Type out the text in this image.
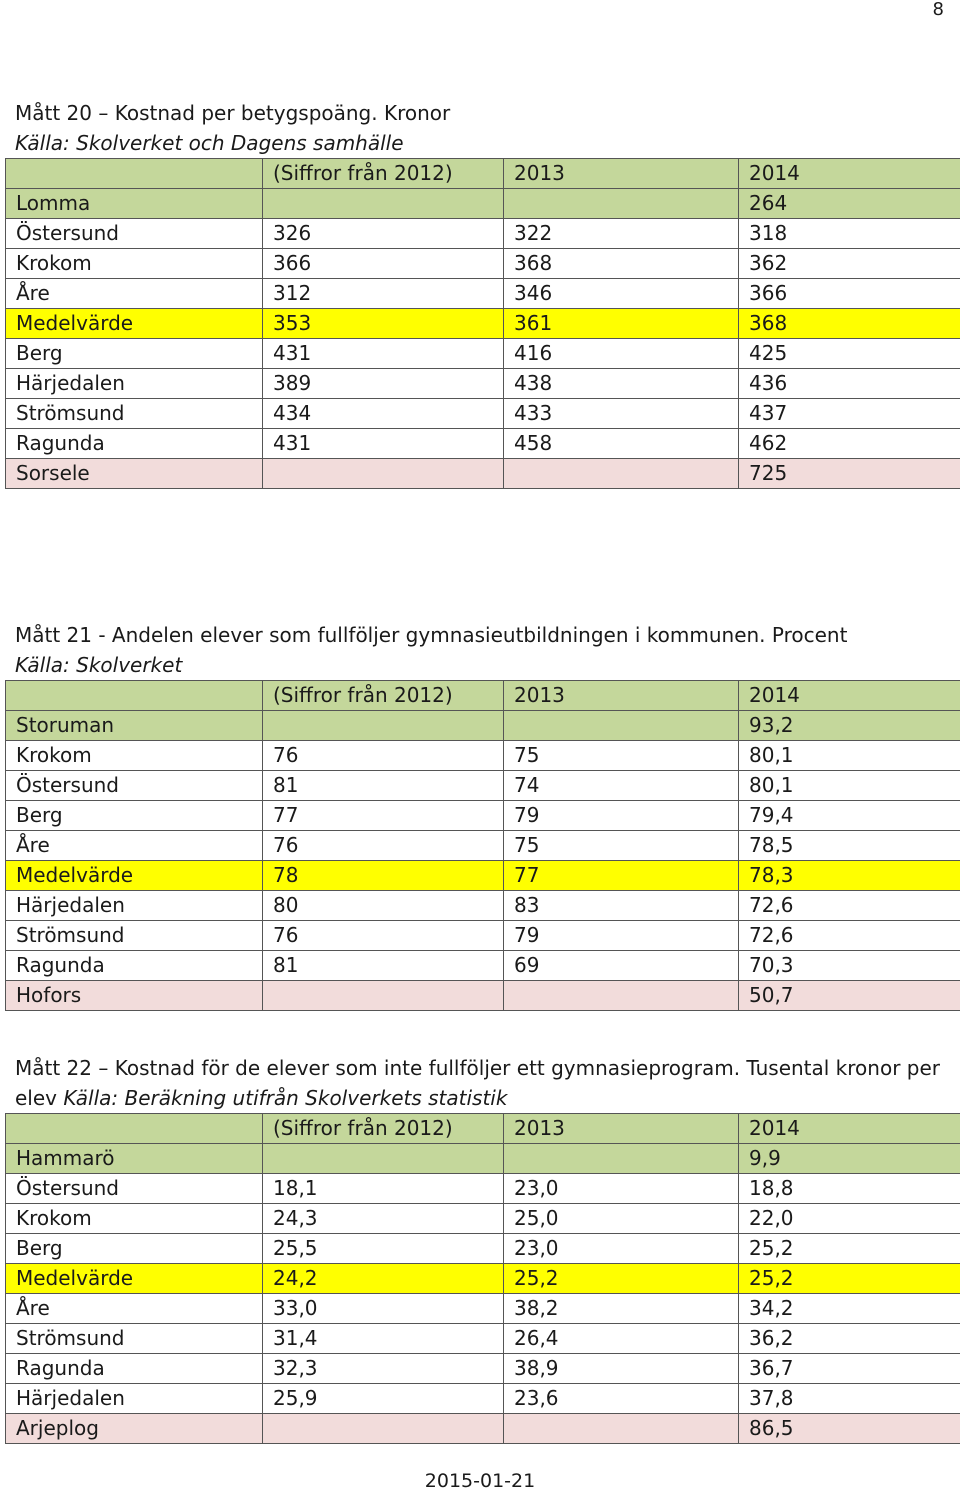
8

Mått 20 – Kostnad per betygspoäng. Kronor

Källa: Skolverket och Dagens samhälle

	(Siffror från 2012)	2013	2014
Lomma			264
Östersund	326	322	318
Krokom	366	368	362
Åre	312	346	366
Medelvärde	353	361	368
Berg	431	416	425
Härjedalen	389	438	436
Strömsund	434	433	437
Ragunda	431	458	462
Sorsele			725

Mått 21 - Andelen elever som fullföljer gymnasieutbildningen i kommunen. Procent

Källa: Skolverket

	(Siffror från 2012)	2013	2014
Storuman			93,2
Krokom	76	75	80,1
Östersund	81	74	80,1
Berg	77	79	79,4
Åre	76	75	78,5
Medelvärde	78	77	78,3
Härjedalen	80	83	72,6
Strömsund	76	79	72,6
Ragunda	81	69	70,3
Hofors			50,7

Mått 22 – Kostnad för de elever som inte fullföljer ett gymnasieprogram. Tusental kronor per elev Källa: Beräkning utifrån Skolverkets statistik

	(Siffror från 2012)	2013	2014
Hammarö			9,9
Östersund	18,1	23,0	18,8
Krokom	24,3	25,0	22,0
Berg	25,5	23,0	25,2
Medelvärde	24,2	25,2	25,2
Åre	33,0	38,2	34,2
Strömsund	31,4	26,4	36,2
Ragunda	32,3	38,9	36,7
Härjedalen	25,9	23,6	37,8
Arjeplog			86,5
2015-01-21
